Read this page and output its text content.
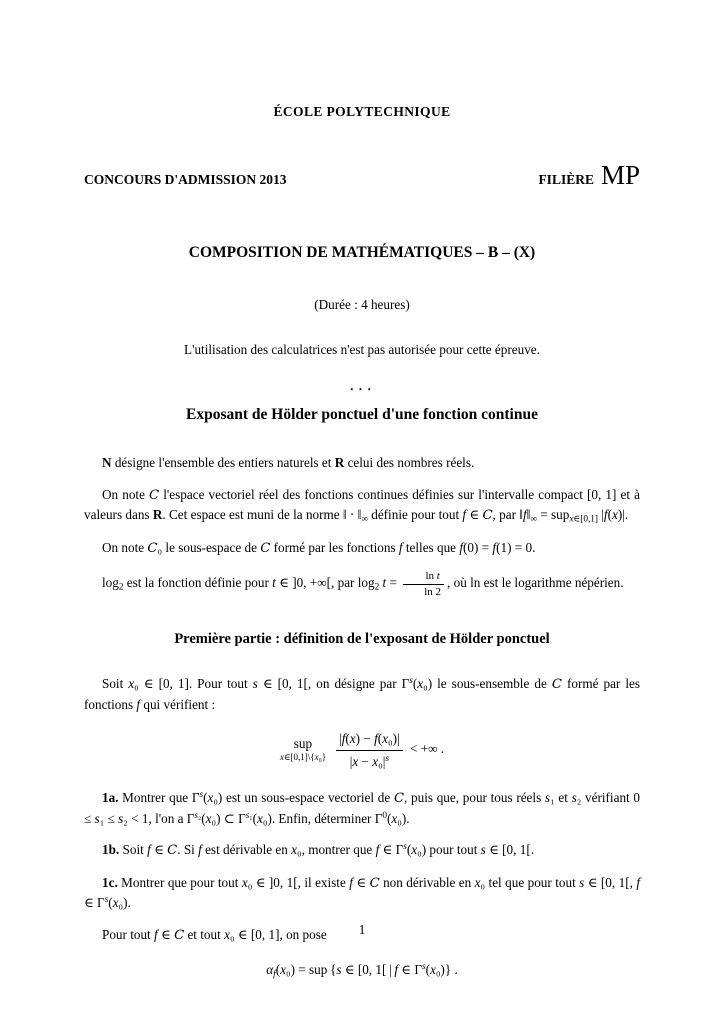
ÉCOLE POLYTECHNIQUE
CONCOURS D'ADMISSION 2013	FILIÈRE MP
COMPOSITION DE MATHÉMATIQUES – B – (X)
(Durée : 4 heures)
L'utilisation des calculatrices n'est pas autorisée pour cette épreuve.
⋆⋆⋆
Exposant de Hölder ponctuel d'une fonction continue

N désigne l'ensemble des entiers naturels et R celui des nombres réels.

On note C l'espace vectoriel réel des fonctions continues définies sur l'intervalle compact [0, 1] et à valeurs dans R. Cet espace est muni de la norme ‖ · $‖_\infty$ définie pour tout f ∈ C, par $‖f‖_\infty = sup_{x\in[0,1]}$ |f(x)|.

On note C₀ le sous-espace de C formé par les fonctions f telles que f(0) = f(1) = 0.

$\log_2$ est la fonction définie pour t ∈ ]0, +∞[, par $\log_2 t = \frac{\text{ln t}}{\ln 2}$ , où ln est le logarithme népérien.

Première partie : définition de l'exposant de Hölder ponctuel

Soit x₀ ∈ [0, 1]. Pour tout s ∈ [0, 1[, on désigne par $\Gamma^s(x_0)$ le sous-ensemble de C formé par les fonctions f qui vérifient :

sup
x∈[0,1]\{x₀} $\frac{\text{|f(x) − f(x₀)|}}{|x - x_0|^s}$ < +∞ .

1a. Montrer que $\Gamma^s(x_0)$ est un sous-espace vectoriel de C, puis que, pour tous réels s₁ et s₂ vérifiant 0 ≤ s₁ ≤ s₂ < 1, l'on a $\Gamma^{s_2}(x_0)$ ⊂ $\Gamma^{s_1}(x_0)$. Enfin, déterminer $\Gamma^0(x_0)$.

1b. Soit f ∈ C. Si f est dérivable en x₀, montrer que f ∈ $\Gamma^s(x_0)$ pour tout s ∈ [0, 1[.

1c. Montrer que pour tout x₀ ∈ ]0, 1[, il existe f ∈ C non dérivable en x₀ tel que pour tout s ∈ [0, 1[, f ∈ $\Gamma^s(x_0)$.

Pour tout f ∈ C et tout x₀ ∈ [0, 1], on pose

$\alpha_f(x_0)$ = sup {s ∈ [0, 1[ | f ∈ $\Gamma^s(x_0)$} .
1
